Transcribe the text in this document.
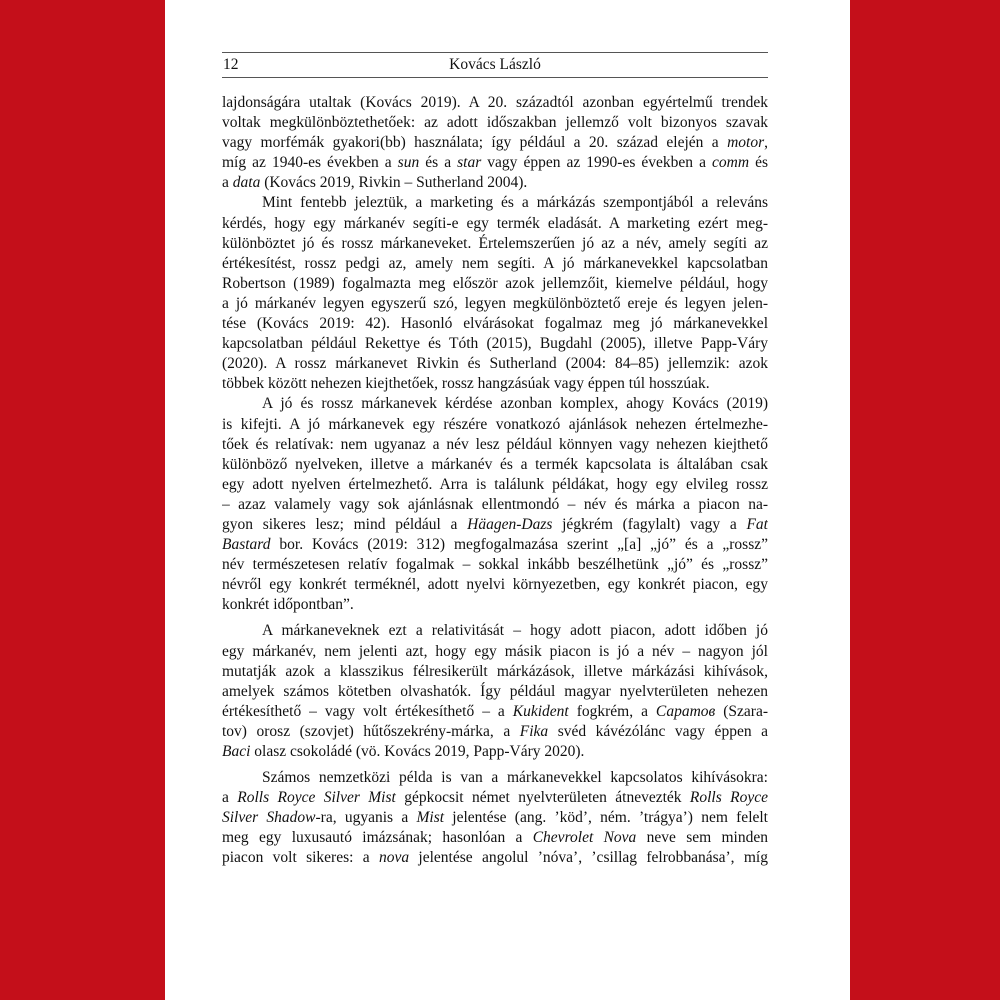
12	Kovács László
lajdonságára utaltak (Kovács 2019). A 20. századtól azonban egyértelmű trendek
voltak megkülönböztethetőek: az adott időszakban jellemző volt bizonyos szavak
vagy morfémák gyakori(bb) használata; így például a 20. század elején a motor,
míg az 1940-es években a sun és a star vagy éppen az 1990-es években a comm és
a data (Kovács 2019, Rivkin – Sutherland 2004).
Mint fentebb jeleztük, a marketing és a márkázás szempontjából a releváns
kérdés, hogy egy márkanév segíti-e egy termék eladását. A marketing ezért meg-
különböztet jó és rossz márkaneveket. Értelemszerűen jó az a név, amely segíti az
értékesítést, rossz pedgi az, amely nem segíti. A jó márkanevekkel kapcsolatban
Robertson (1989) fogalmazta meg először azok jellemzőit, kiemelve például, hogy
a jó márkanév legyen egyszerű szó, legyen megkülönböztető ereje és legyen jelen-
tése (Kovács 2019: 42). Hasonló elvárásokat fogalmaz meg jó márkanevekkel
kapcsolatban például Rekettye és Tóth (2015), Bugdahl (2005), illetve Papp-Váry
(2020). A rossz márkanevet Rivkin és Sutherland (2004: 84–85) jellemzik: azok
többek között nehezen kiejthetőek, rossz hangzásúak vagy éppen túl hosszúak.
A jó és rossz márkanevek kérdése azonban komplex, ahogy Kovács (2019)
is kifejti. A jó márkanevek egy részére vonatkozó ajánlások nehezen értelmezhe-
tőek és relatívak: nem ugyanaz a név lesz például könnyen vagy nehezen kiejthető
különböző nyelveken, illetve a márkanév és a termék kapcsolata is általában csak
egy adott nyelven értelmezhető. Arra is találunk példákat, hogy egy elvileg rossz
– azaz valamely vagy sok ajánlásnak ellentmondó – név és márka a piacon na-
gyon sikeres lesz; mind például a Häagen-Dazs jégkrém (fagylalt) vagy a Fat
Bastard bor. Kovács (2019: 312) megfogalmazása szerint „[a] „jó” és a „rossz”
név természetesen relatív fogalmak – sokkal inkább beszélhetünk „jó” és „rossz”
névről egy konkrét terméknél, adott nyelvi környezetben, egy konkrét piacon, egy
konkrét időpontban”.
A márkaneveknek ezt a relativitását – hogy adott piacon, adott időben jó
egy márkanév, nem jelenti azt, hogy egy másik piacon is jó a név – nagyon jól
mutatják azok a klasszikus félresikerült márkázások, illetve márkázási kihívások,
amelyek számos kötetben olvashatók. Így például magyar nyelvterületen nehezen
értékesíthető – vagy volt értékesíthető – a Kukident fogkrém, a Саратов (Szara-
tov) orosz (szovjet) hűtőszekrény-márka, a Fika svéd kávézólánc vagy éppen a
Baci olasz csokoládé (vö. Kovács 2019, Papp-Váry 2020).
Számos nemzetközi példa is van a márkanevekkel kapcsolatos kihívásokra:
a Rolls Royce Silver Mist gépkocsit német nyelvterületen átnevezték Rolls Royce
Silver Shadow-ra, ugyanis a Mist jelentése (ang. ’köd’, ném. ’trágya’) nem felelt
meg egy luxusautó imázsának; hasonlóan a Chevrolet Nova neve sem minden
piacon volt sikeres: a nova jelentése angolul ’nóva’, ’csillag felrobbanása’, míg
